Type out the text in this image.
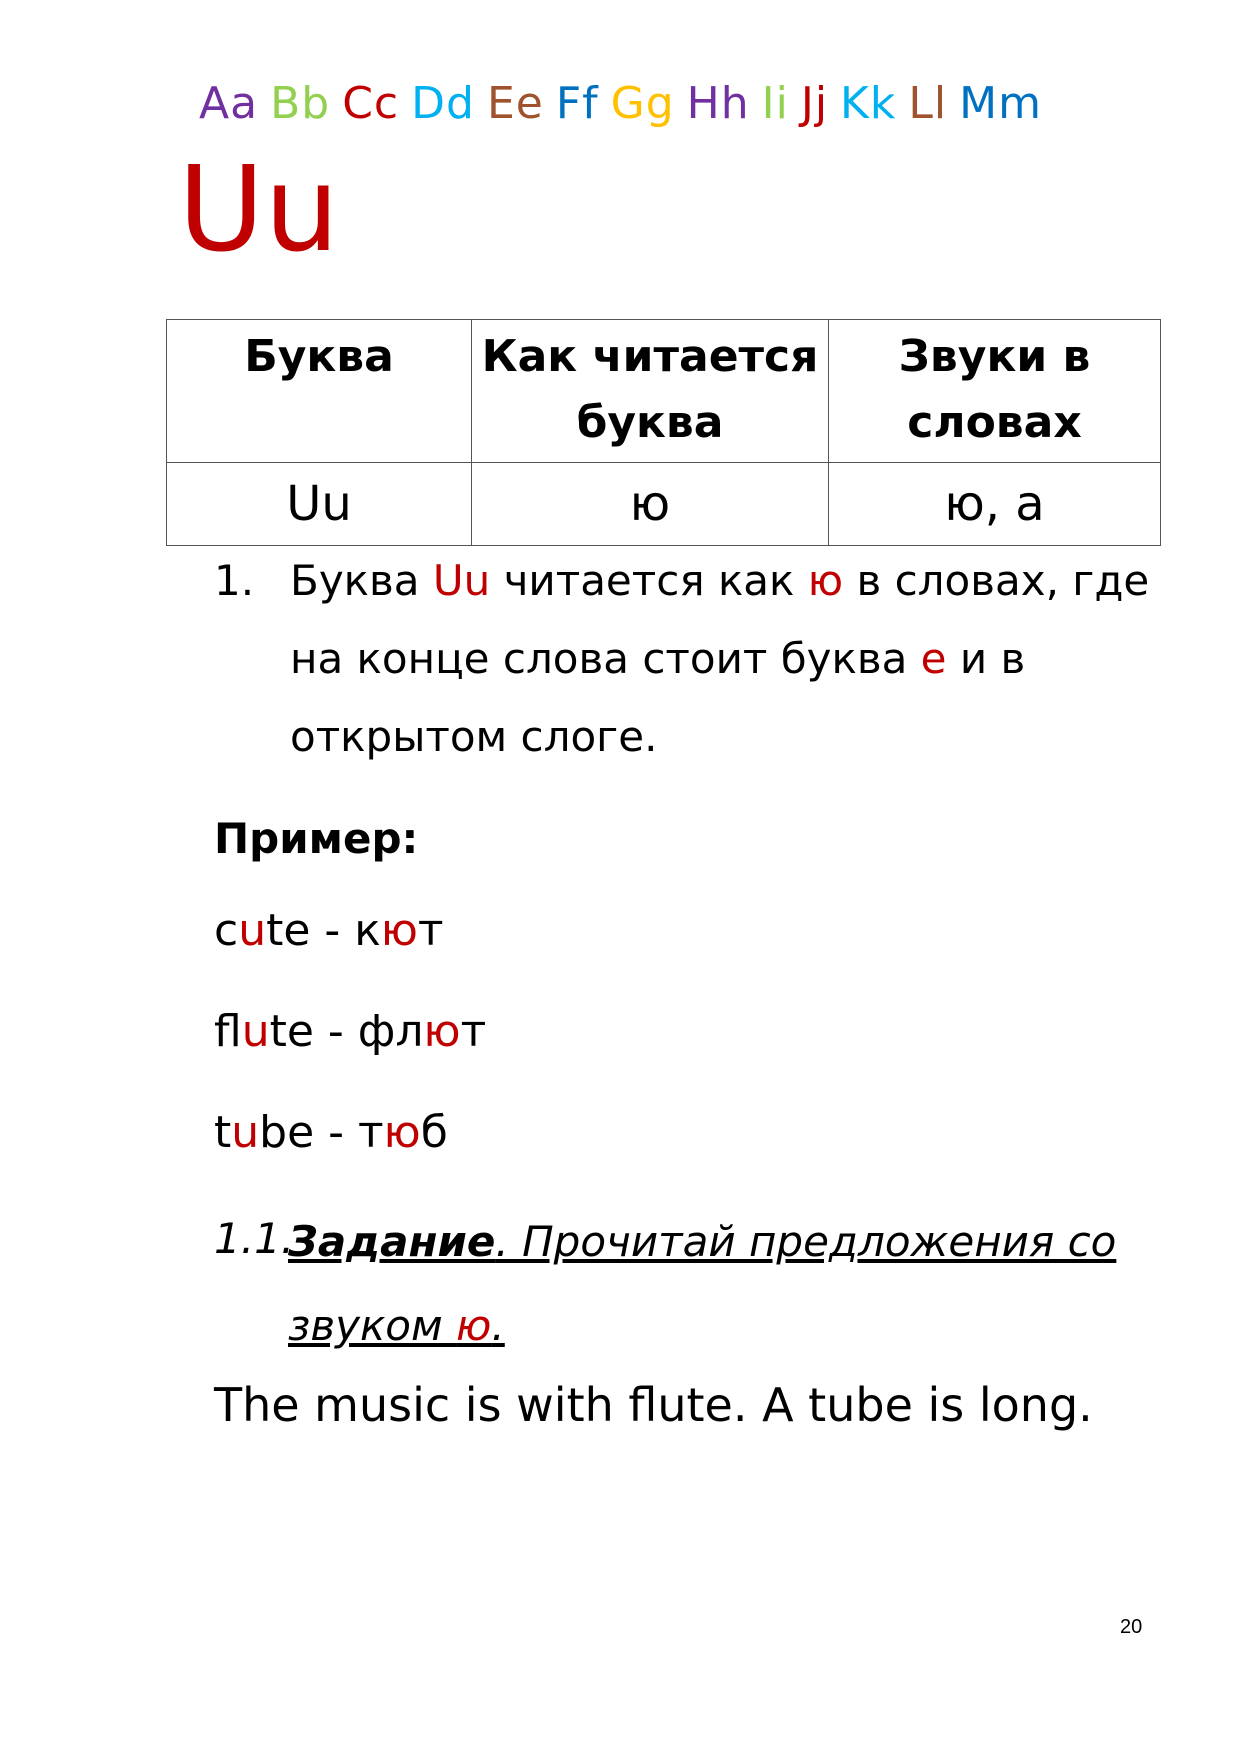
Aa Bb Cc Dd Ee Ff Gg Hh Ii Jj Kk Ll Mm
Uu
Буква	Как читается буква	Звуки в словах
Uu	ю	ю, а
1. Буква Uu читается как ю в словах, где на конце слова стоит буква е и в открытом слоге.
Пример:
cute - кют
flute - флют
tube - тюб
1.1.
Задание. Прочитай предложения со звуком ю.
The music is with flute. A tube is long.
20
